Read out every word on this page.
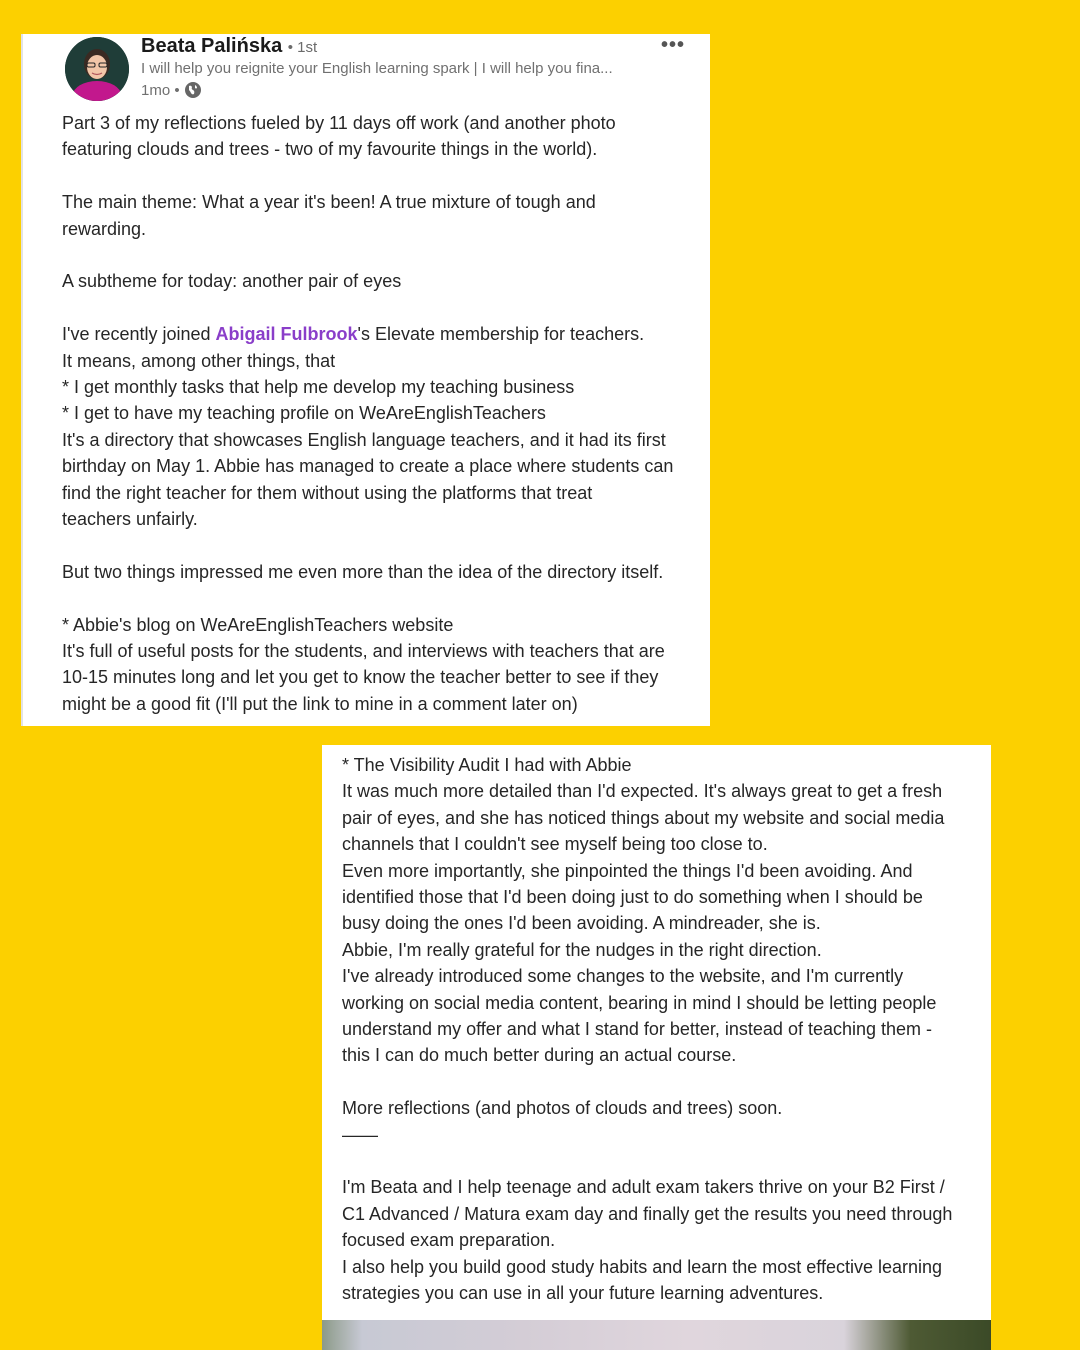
Beata Palińska • 1st
I will help you reignite your English learning spark | I will help you fina...
1mo •
•••

Part 3 of my reflections fueled by 11 days off work (and another photo

featuring clouds and trees - two of my favourite things in the world).

The main theme: What a year it's been! A true mixture of tough and

rewarding.

A subtheme for today: another pair of eyes

I've recently joined Abigail Fulbrook's Elevate membership for teachers.

It means, among other things, that

* I get monthly tasks that help me develop my teaching business

* I get to have my teaching profile on WeAreEnglishTeachers

It's a directory that showcases English language teachers, and it had its first

birthday on May 1. Abbie has managed to create a place where students can

find the right teacher for them without using the platforms that treat

teachers unfairly.

But two things impressed me even more than the idea of the directory itself.

* Abbie's blog on WeAreEnglishTeachers website

It's full of useful posts for the students, and interviews with teachers that are

10-15 minutes long and let you get to know the teacher better to see if they

might be a good fit (I'll put the link to mine in a comment later on)

* The Visibility Audit I had with Abbie

It was much more detailed than I'd expected. It's always great to get a fresh

pair of eyes, and she has noticed things about my website and social media

channels that I couldn't see myself being too close to.

Even more importantly, she pinpointed the things I'd been avoiding. And

identified those that I'd been doing just to do something when I should be

busy doing the ones I'd been avoiding. A mindreader, she is.

Abbie, I'm really grateful for the nudges in the right direction.

I've already introduced some changes to the website, and I'm currently

working on social media content, bearing in mind I should be letting people

understand my offer and what I stand for better, instead of teaching them -

this I can do much better during an actual course.

More reflections (and photos of clouds and trees) soon.

——

I'm Beata and I help teenage and adult exam takers thrive on your B2 First /

C1 Advanced / Matura exam day and finally get the results you need through

focused exam preparation.

I also help you build good study habits and learn the most effective learning

strategies you can use in all your future learning adventures.
